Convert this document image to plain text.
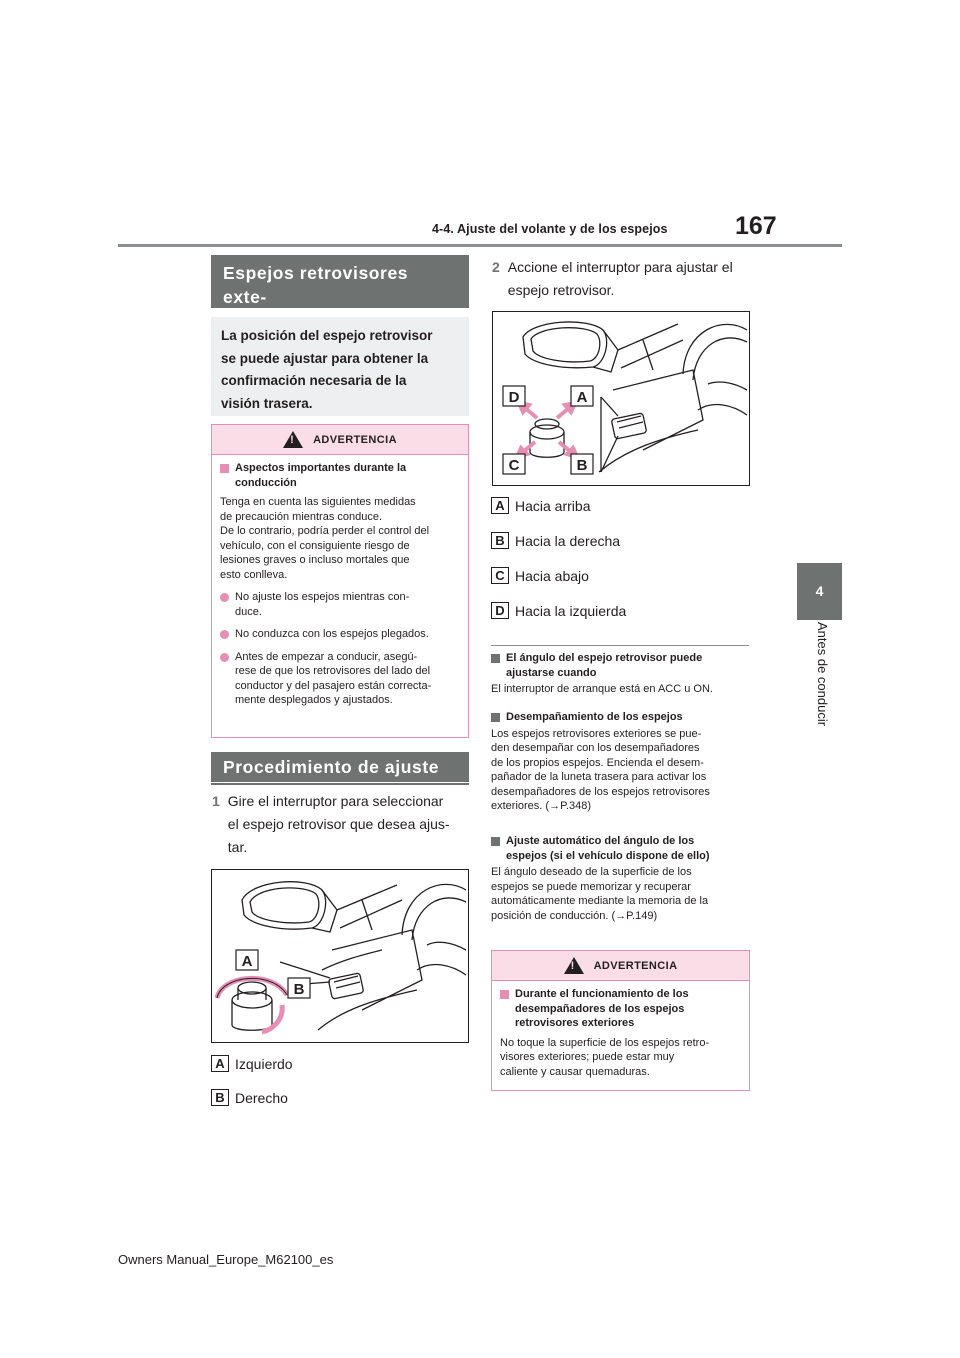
4-4. Ajuste del volante y de los espejos	167
4
Antes de conducir
Espejos retrovisores exte-
La posición del espejo retrovisor
se puede ajustar para obtener la
confirmación necesaria de la
visión trasera.
!
ADVERTENCIA
Aspectos importantes durante la
conducción
Tenga en cuenta las siguientes medidas
de precaución mientras conduce.
De lo contrario, podría perder el control del
vehículo, con el consiguiente riesgo de
lesiones graves o incluso mortales que
esto conlleva.
No ajuste los espejos mientras con-
duce.
No conduzca con los espejos plegados.
Antes de empezar a conducir, asegú-
rese de que los retrovisores del lado del
conductor y del pasajero están correcta-
mente desplegados y ajustados.
Procedimiento de ajuste
1 Gire el interruptor para seleccionar
el espejo retrovisor que desea ajus-
tar.
A
B
A Izquierdo
B Derecho
2 Accione el interruptor para ajustar el
espejo retrovisor.
D	A
C	B
A Hacia arriba
B Hacia la derecha
C Hacia abajo
D Hacia la izquierda
El ángulo del espejo retrovisor puede
ajustarse cuando
El interruptor de arranque está en ACC u ON.
Desempañamiento de los espejos
Los espejos retrovisores exteriores se pue-
den desempañar con los desempañadores
de los propios espejos. Encienda el desem-
pañador de la luneta trasera para activar los
desempañadores de los espejos retrovisores
exteriores. (→P.348)
Ajuste automático del ángulo de los
espejos (si el vehículo dispone de ello)
El ángulo deseado de la superficie de los
espejos se puede memorizar y recuperar
automáticamente mediante la memoria de la
posición de conducción. (→P.149)
!
ADVERTENCIA
Durante el funcionamiento de los
desempañadores de los espejos
retrovisores exteriores
No toque la superficie de los espejos retro-
visores exteriores; puede estar muy
caliente y causar quemaduras.
Owners Manual_Europe_M62100_es
